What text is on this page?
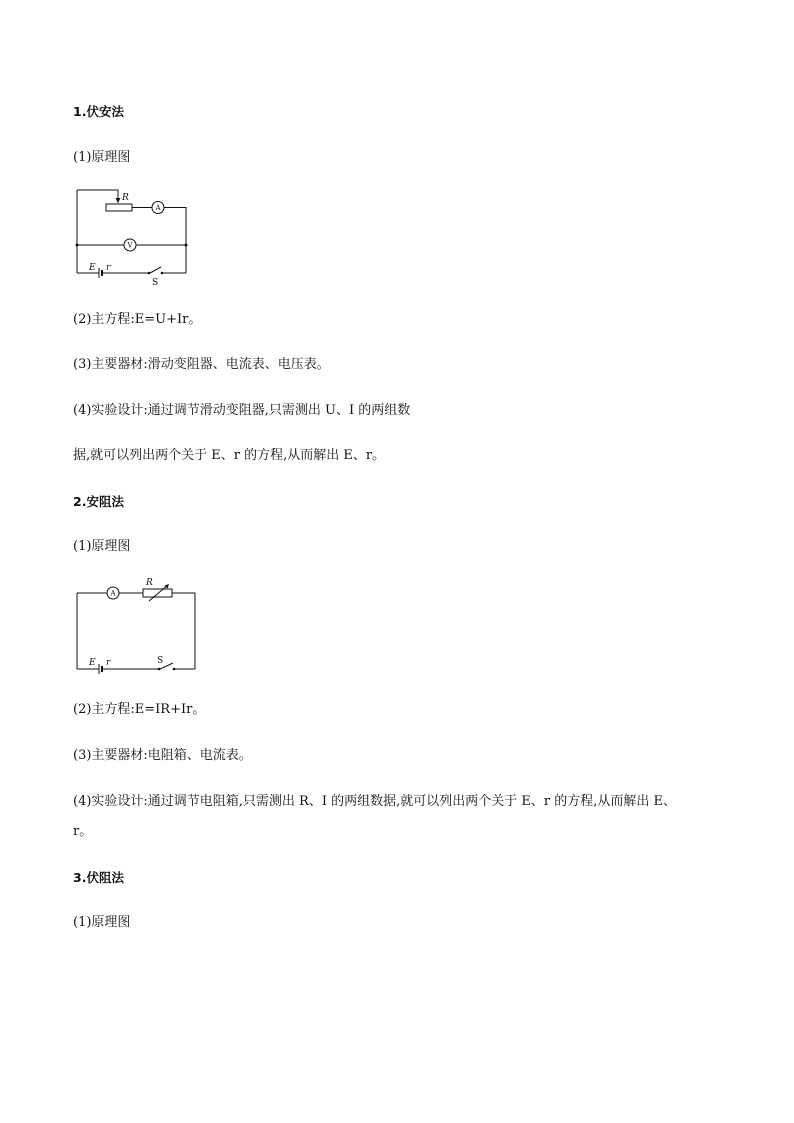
1.伏安法
(1)原理图
R
A
V
E r
S
(2)主方程:E=U+Ir。
(3)主要器材:滑动变阻器、电流表、电压表。
(4)实验设计:通过调节滑动变阻器,只需测出 U、I 的两组数
据,就可以列出两个关于 E、r 的方程,从而解出 E、r。
2.安阻法
(1)原理图
A
R
E r	S
(2)主方程:E=IR+Ir。
(3)主要器材:电阻箱、电流表。
(4)实验设计:通过调节电阻箱,只需测出 R、I 的两组数据,就可以列出两个关于 E、r 的方程,从而解出 E、
r。
3.伏阻法
(1)原理图
